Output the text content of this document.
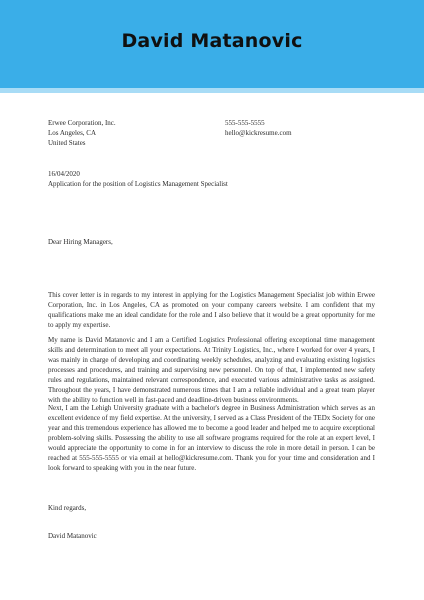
David Matanovic
Erwee Corporation, Inc.
Los Angeles, CA
United States
555-555-5555
hello@kickresume.com
16/04/2020
Application for the position of Logistics Management Specialist
Dear Hiring Managers,

This cover letter is in regards to my interest in applying for the Logistics Management Specialist job within Erwee Corporation, Inc. in Los Angeles, CA as promoted on your company careers website. I am confident that my qualifications make me an ideal candidate for the role and I also believe that it would be a great opportunity for me to apply my expertise.

My name is David Matanovic and I am a Certified Logistics Professional offering exceptional time management skills and determination to meet all your expectations. At Trinity Logistics, Inc., where I worked for over 4 years, I was mainly in charge of developing and coordinating weekly schedules, analyzing and evaluating existing logistics processes and procedures, and training and supervising new personnel. On top of that, I implemented new safety rules and regulations, maintained relevant correspondence, and executed various administrative tasks as assigned. Throughout the years, I have demonstrated numerous times that I am a reliable individual and a great team player with the ability to function well in fast-paced and deadline-driven business environments.

Next, I am the Lehigh University graduate with a bachelor's degree in Business Administration which serves as an excellent evidence of my field expertise. At the university, I served as a Class President of the TEDx Society for one year and this tremendous experience has allowed me to become a good leader and helped me to acquire exceptional problem-solving skills. Possessing the ability to use all software programs required for the role at an expert level, I would appreciate the opportunity to come in for an interview to discuss the role in more detail in person. I can be reached at 555-555-5555 or via email at hello@kickresume.com. Thank you for your time and consideration and I look forward to speaking with you in the near future.

Kind regards,
David Matanovic
